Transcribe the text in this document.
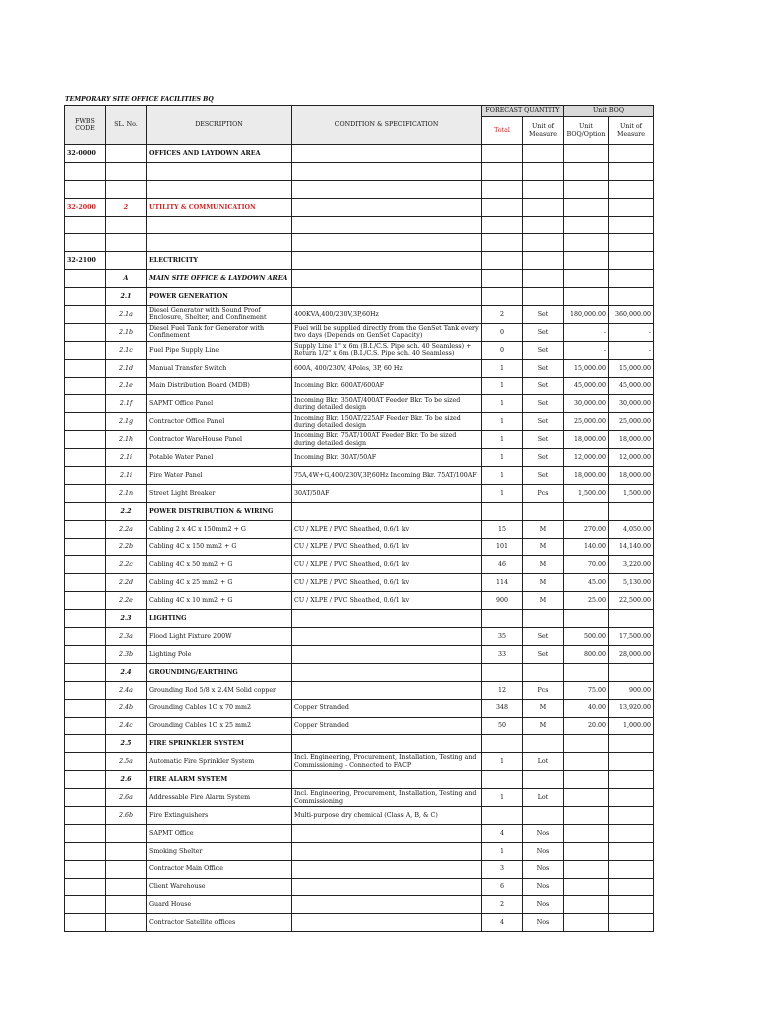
TEMPORARY SITE OFFICE FACILITIES BQ
FWBS CODE	SL. No.	DESCRIPTION	CONDITION & SPECIFICATION	FORECAST QUANTITY		Unit BOQ	
				Total	Unit of Measure	Unit BOQ/Option	Unit of Measure
32-0000		OFFICES AND LAYDOWN AREA					

32-2000	2	UTILITY & COMMUNICATION					

32-2100		ELECTRICITY					
	A	MAIN SITE OFFICE & LAYDOWN AREA					
	2.1	POWER GENERATION					
	2.1a	Diesel Generator with Sound Proof Enclosure, Shelter, and Confinement	400KVA,400/230V,3P,60Hz	2	Set	180,000.00	360,000.00
	2.1b	Diesel Fuel Tank for Generator with Confinement	Fuel will be supplied directly from the GenSet Tank every two days (Depends on GenSet Capacity)	0	Set	-	-
	2.1c	Fuel Pipe Supply Line	Supply Line 1" x 6m (B.I./C.S. Pipe sch. 40 Seamless) + Return 1/2" x 6m (B.I./C.S. Pipe sch. 40 Seamless)	0	Set	-	-
	2.1d	Manual Transfer Switch	600A, 400/230V, 4Poles, 3P, 60 Hz	1	Set	15,000.00	15,000.00
	2.1e	Main Distribution Board (MDB)	Incoming Bkr. 600AT/600AF	1	Set	45,000.00	45,000.00
	2.1f	SAPMT Office Panel	Incoming Bkr. 350AT/400AT Feeder Bkr. To be sized during detailed design	1	Set	30,000.00	30,000.00
	2.1g	Contractor Office Panel	Incoming Bkr. 150AT/225AF Feeder Bkr. To be sized during detailed design	1	Set	25,000.00	25,000.00
	2.1h	Contractor WareHouse Panel	Incoming Bkr. 75AT/100AT Feeder Bkr. To be sized during detailed design	1	Set	18,000.00	18,000.00
	2.1i	Potable Water Panel	Incoming Bkr. 30AT/50AF	1	Set	12,000.00	12,000.00
	2.1i	Fire Water Panel	75A,4W+G,400/230V,3P,60Hz Incoming Bkr. 75AT/100AF	1	Set	18,000.00	18,000.00
	2.1n	Street Light Breaker	30AT/50AF	1	Pcs	1,500.00	1,500.00
	2.2	POWER DISTRIBUTION & WIRING					
	2.2a	Cabling 2 x 4C x 150mm2 + G	CU / XLPE / PVC Sheathed, 0.6/1 kv	15	M	270.00	4,050.00
	2.2b	Cabling 4C x 150 mm2 + G	CU / XLPE / PVC Sheathed, 0.6/1 kv	101	M	140.00	14,140.00
	2.2c	Cabling 4C x 50 mm2 + G	CU / XLPE / PVC Sheathed, 0.6/1 kv	46	M	70.00	3,220.00
	2.2d	Cabling 4C x 25 mm2 + G	CU / XLPE / PVC Sheathed, 0.6/1 kv	114	M	45.00	5,130.00
	2.2e	Cabling 4C x 10 mm2 + G	CU / XLPE / PVC Sheathed, 0.6/1 kv	900	M	25.00	22,500.00
	2.3	LIGHTING					
	2.3a	Flood Light Fixture 200W		35	Set	500.00	17,500.00
	2.3b	Lighting Pole		33	Set	800.00	28,000.00
	2.4	GROUNDING/EARTHING					
	2.4a	Grounding Rod 5/8 x 2.4M Solid copper		12	Pcs	75.00	900.00
	2.4b	Grounding Cables 1C x 70 mm2	Copper Stranded	348	M	40.00	13,920.00
	2.4c	Grounding Cables 1C x 25 mm2	Copper Stranded	50	M	20.00	1,000.00
	2.5	FIRE SPRINKLER SYSTEM					
	2.5a	Automatic Fire Sprinkler System	Incl. Engineering, Procurement, Installation, Testing and Commissioning - Connected to FACP	1	Lot		
	2.6	FIRE ALARM SYSTEM					
	2.6a	Addressable Fire Alarm System	Incl. Engineering, Procurement, Installation, Testing and Commissioning	1	Lot		
	2.6b	Fire Extinguishers	Multi-purpose dry chemical (Class A, B, & C)				
		SAPMT Office		4	Nos		
		Smoking Shelter		1	Nos		
		Contractor Main Office		3	Nos		
		Client Warehouse		6	Nos		
		Guard House		2	Nos		
		Contractor Satellite offices		4	Nos		
